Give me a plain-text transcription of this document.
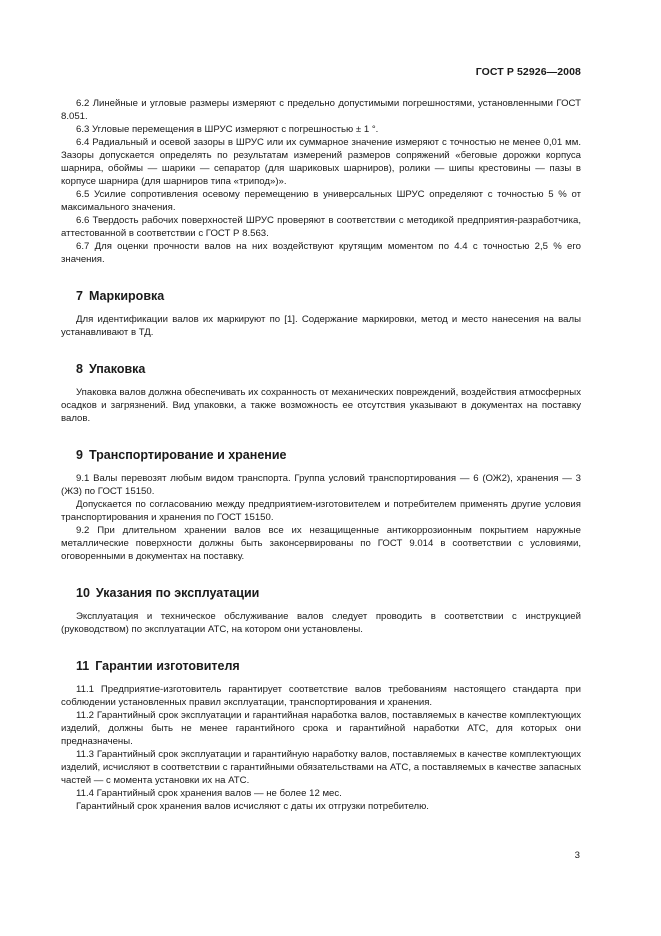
ГОСТ Р 52926—2008

6.2 Линейные и угловые размеры измеряют с предельно допустимыми погрешностями, установленными ГОСТ 8.051.

6.3 Угловые перемещения в ШРУС измеряют с погрешностью ± 1 °.

6.4 Радиальный и осевой зазоры в ШРУС или их суммарное значение измеряют с точностью не менее 0,01 мм. Зазоры допускается определять по результатам измерений размеров сопряжений «беговые дорожки корпуса шарнира, обоймы — шарики — сепаратор (для шариковых шарниров), ролики — шипы крестовины — пазы в корпусе шарнира (для шарниров типа «трипод»)».

6.5 Усилие сопротивления осевому перемещению в универсальных ШРУС определяют с точностью 5 % от максимального значения.

6.6 Твердость рабочих поверхностей ШРУС проверяют в соответствии с методикой предприятия-разработчика, аттестованной в соответствии с ГОСТ Р 8.563.

6.7 Для оценки прочности валов на них воздействуют крутящим моментом по 4.4 с точностью 2,5 % его значения.

7 Маркировка

Для идентификации валов их маркируют по [1]. Содержание маркировки, метод и место нанесения на валы устанавливают в ТД.

8 Упаковка

Упаковка валов должна обеспечивать их сохранность от механических повреждений, воздействия атмосферных осадков и загрязнений. Вид упаковки, а также возможность ее отсутствия указывают в документах на поставку валов.

9 Транспортирование и хранение

9.1 Валы перевозят любым видом транспорта. Группа условий транспортирования — 6 (ОЖ2), хранения — 3 (ЖЗ) по ГОСТ 15150.

Допускается по согласованию между предприятием-изготовителем и потребителем применять другие условия транспортирования и хранения по ГОСТ 15150.

9.2 При длительном хранении валов все их незащищенные антикоррозионным покрытием наружные металлические поверхности должны быть законсервированы по ГОСТ 9.014 в соответствии с условиями, оговоренными в документах на поставку.

10 Указания по эксплуатации

Эксплуатация и техническое обслуживание валов следует проводить в соответствии с инструкцией (руководством) по эксплуатации АТС, на котором они установлены.

11 Гарантии изготовителя

11.1 Предприятие-изготовитель гарантирует соответствие валов требованиям настоящего стандарта при соблюдении установленных правил эксплуатации, транспортирования и хранения.

11.2 Гарантийный срок эксплуатации и гарантийная наработка валов, поставляемых в качестве комплектующих изделий, должны быть не менее гарантийного срока и гарантийной наработки АТС, для которых они предназначены.

11.3 Гарантийный срок эксплуатации и гарантийную наработку валов, поставляемых в качестве комплектующих изделий, исчисляют в соответствии с гарантийными обязательствами на АТС, а поставляемых в качестве запасных частей — с момента установки их на АТС.

11.4 Гарантийный срок хранения валов — не более 12 мес.

Гарантийный срок хранения валов исчисляют с даты их отгрузки потребителю.

3
